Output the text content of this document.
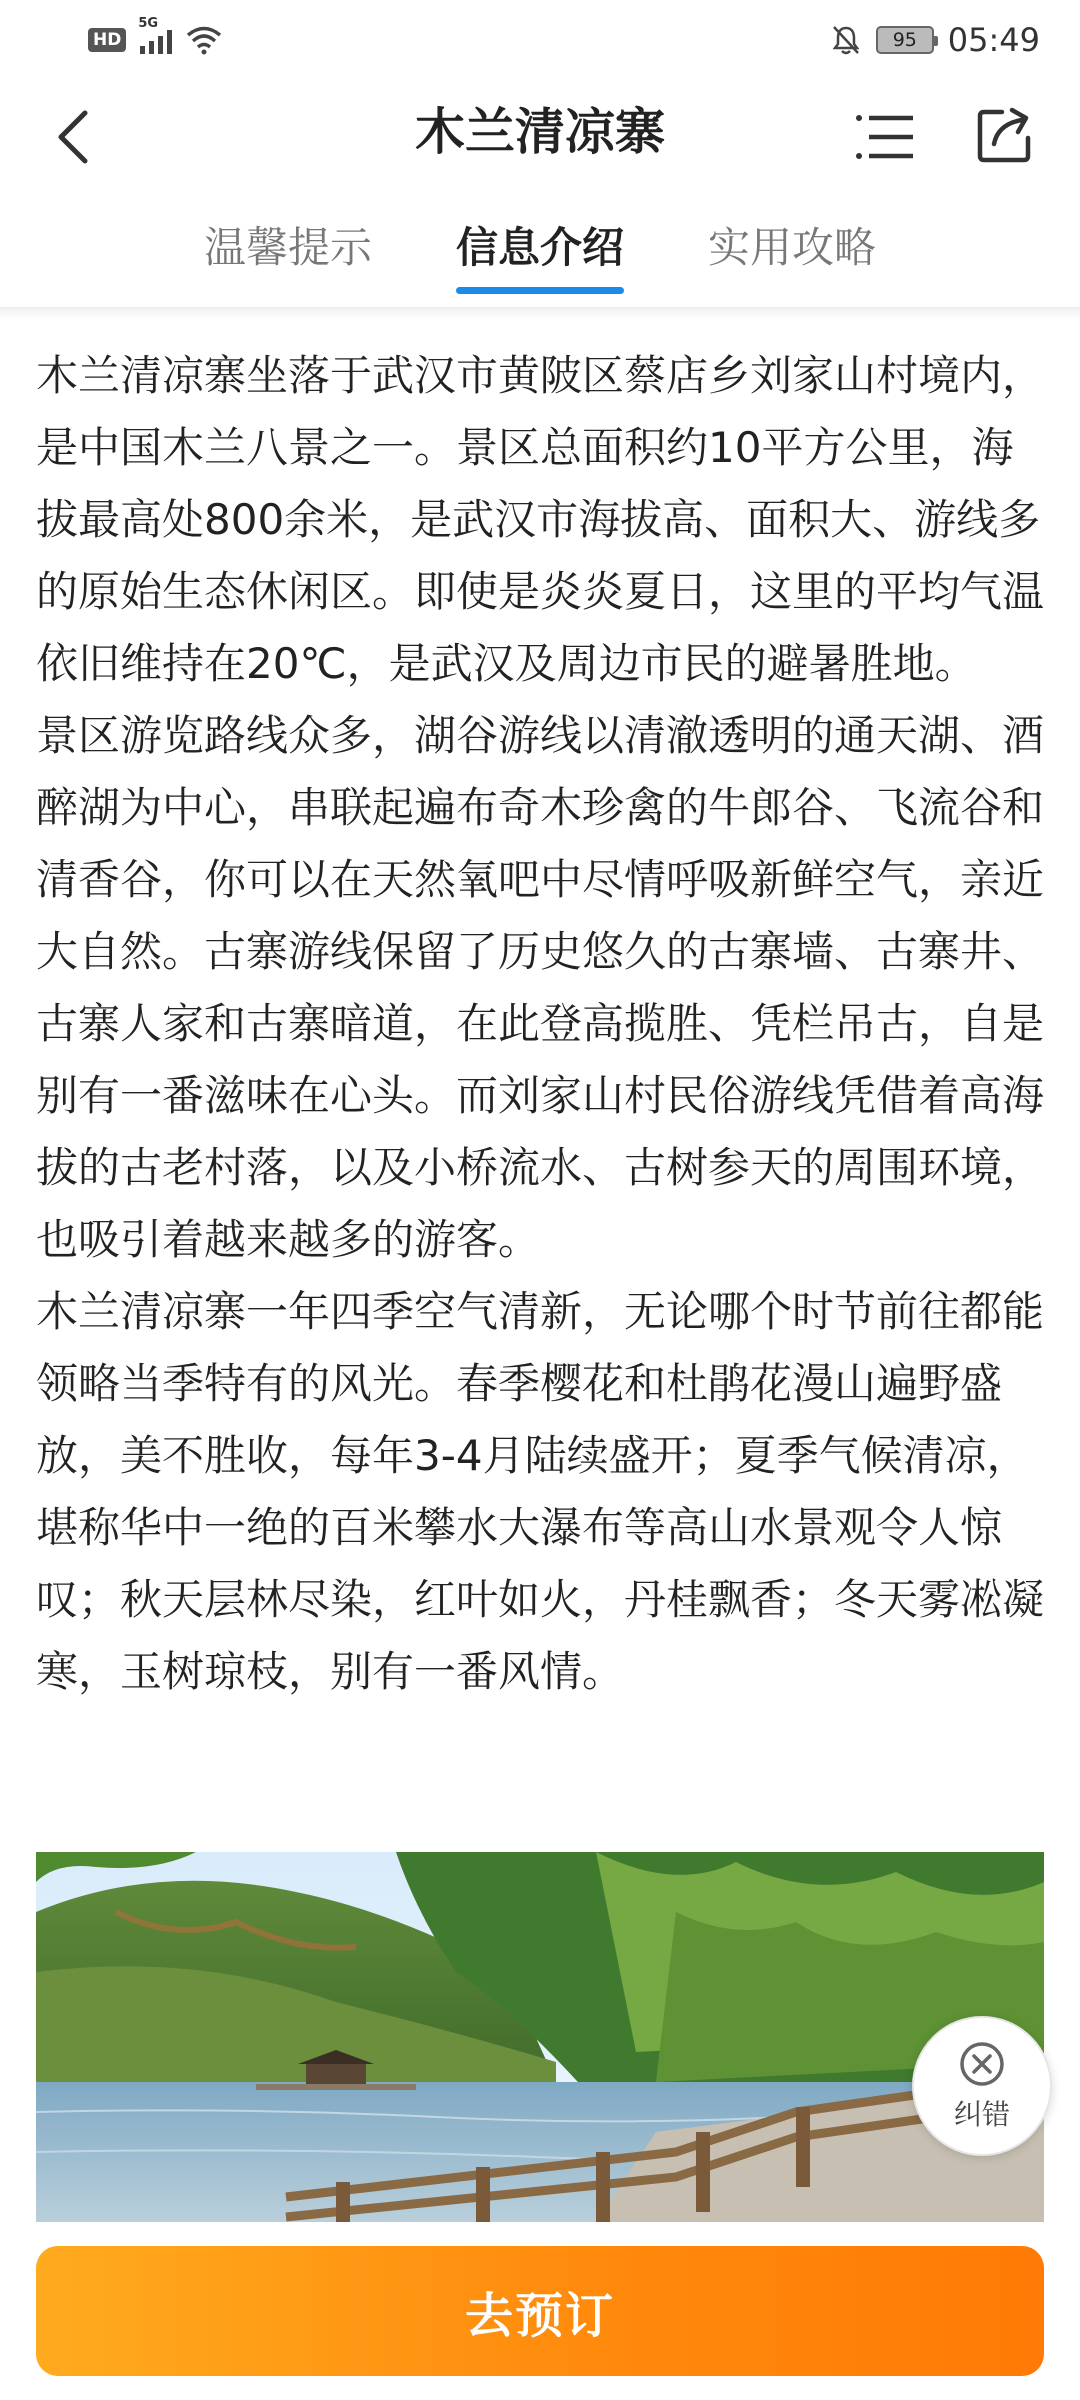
HD
5G
95 05:49
木兰清凉寨
温馨提示 信息介绍 实用攻略

木兰清凉寨坐落于武汉市黄陂区蔡店乡刘家山村境内，是中国木兰八景之一。景区总面积约10平方公里，海拔最高处800余米，是武汉市海拔高、面积大、游线多的原始生态休闲区。即使是炎炎夏日，这里的平均气温依旧维持在20℃，是武汉及周边市民的避暑胜地。

景区游览路线众多，湖谷游线以清澈透明的通天湖、酒醉湖为中心，串联起遍布奇木珍禽的牛郎谷、飞流谷和清香谷，你可以在天然氧吧中尽情呼吸新鲜空气，亲近大自然。古寨游线保留了历史悠久的古寨墙、古寨井、古寨人家和古寨暗道，在此登高揽胜、凭栏吊古，自是别有一番滋味在心头。而刘家山村民俗游线凭借着高海拔的古老村落，以及小桥流水、古树参天的周围环境，也吸引着越来越多的游客。

木兰清凉寨一年四季空气清新，无论哪个时节前往都能领略当季特有的风光。春季樱花和杜鹃花漫山遍野盛放，美不胜收，每年3-4月陆续盛开；夏季气候清凉，堪称华中一绝的百米攀水大瀑布等高山水景观令人惊叹；秋天层林尽染，红叶如火，丹桂飘香；冬天雾凇凝寒，玉树琼枝，别有一番风情。

纠错
去预订
